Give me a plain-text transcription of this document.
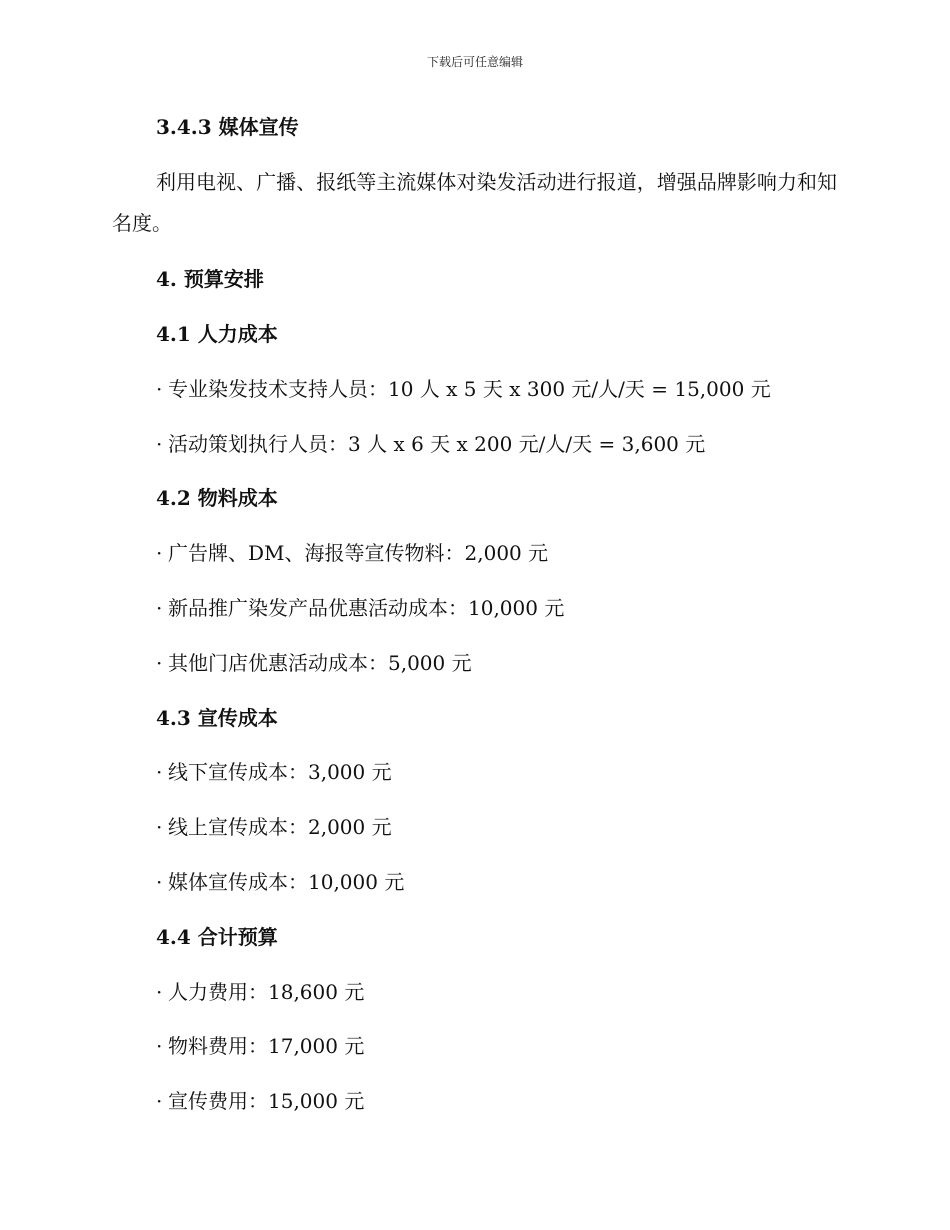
下载后可任意编辑
3.4.3 媒体宣传
利用电视、广播、报纸等主流媒体对染发活动进行报道，增强品牌影响力和知名度。
4. 预算安排
4.1 人力成本
· 专业染发技术支持人员：10 人 x 5 天 x 300 元/人/天 = 15,000 元
· 活动策划执行人员：3 人 x 6 天 x 200 元/人/天 = 3,600 元
4.2 物料成本
· 广告牌、DM、海报等宣传物料：2,000 元
· 新品推广染发产品优惠活动成本：10,000 元
· 其他门店优惠活动成本：5,000 元
4.3 宣传成本
· 线下宣传成本：3,000 元
· 线上宣传成本：2,000 元
· 媒体宣传成本：10,000 元
4.4 合计预算
· 人力费用：18,600 元
· 物料费用：17,000 元
· 宣传费用：15,000 元
